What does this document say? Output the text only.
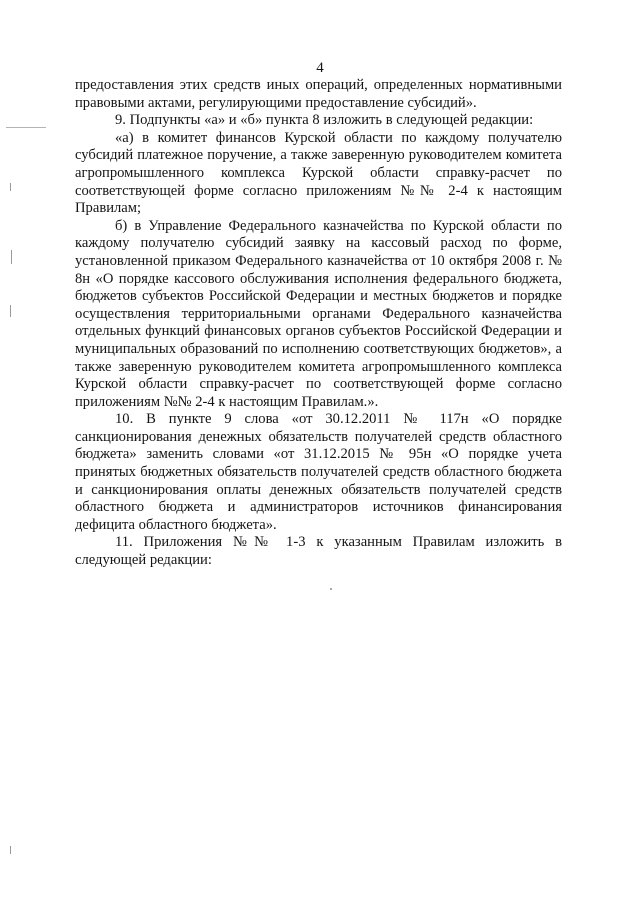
4

предоставления этих средств иных операций, определенных нормативными правовыми актами, регулирующими предоставление субсидий».

9. Подпункты «а» и «б» пункта 8 изложить в следующей редакции:

«а) в комитет финансов Курской области по каждому получателю субсидий платежное поручение, а также заверенную руководителем комитета агропромышленного комплекса Курской области справку-расчет по соответствующей форме согласно приложениям №№ 2-4 к настоящим Правилам;

б) в Управление Федерального казначейства по Курской области по каждому получателю субсидий заявку на кассовый расход по форме, установленной приказом Федерального казначейства от 10 октября 2008 г. № 8н «О порядке кассового обслуживания исполнения федерального бюджета, бюджетов субъектов Российской Федерации и местных бюджетов и порядке осуществления территориальными органами Федерального казначейства отдельных функций финансовых органов субъектов Российской Федерации и муниципальных образований по исполнению соответствующих бюджетов», а также заверенную руководителем комитета агропромышленного комплекса Курской области справку-расчет по соответствующей форме согласно приложениям №№ 2-4 к настоящим Правилам.».

10. В пункте 9 слова «от 30.12.2011 № 117н «О порядке санкционирования денежных обязательств получателей средств областного бюджета» заменить словами «от 31.12.2015 № 95н «О порядке учета принятых бюджетных обязательств получателей средств областного бюджета и санкционирования оплаты денежных обязательств получателей средств областного бюджета и администраторов источников финансирования дефицита областного бюджета».

11. Приложения №№ 1-3 к указанным Правилам изложить в следующей редакции:
